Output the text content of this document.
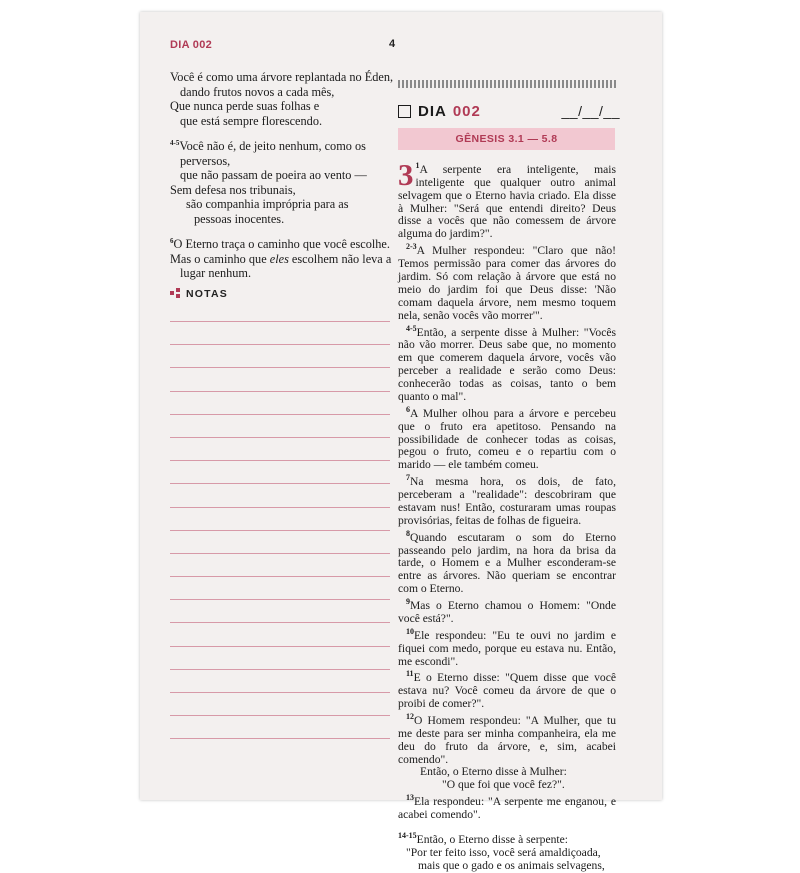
DIA 002	4
Você é como uma árvore replantada no Éden,
dando frutos novos a cada mês,
Que nunca perde suas folhas e
que está sempre florescendo.
$^{4-5}$Você não é, de jeito nenhum, como os
perversos,
que não passam de poeira ao vento —
Sem defesa nos tribunais,
são companhia imprópria para as
pessoas inocentes.
$^6$O Eterno traça o caminho que você escolhe.
Mas o caminho que eles escolhem não leva a
lugar nenhum.
NOTAS
DIA 002	__/__/__
GÊNESIS 3.1 — 5.8

3 $^1$A serpente era inteligente, mais inteligente que qualquer outro animal selvagem que o Eterno havia criado. Ela disse à Mulher: "Será que entendi direito? Deus disse a vocês que não comessem de árvore alguma do jardim?".

$^{2-3}$A Mulher respondeu: "Claro que não! Temos permissão para comer das árvores do jardim. Só com relação à árvore que está no meio do jardim foi que Deus disse: 'Não comam daquela árvore, nem mesmo toquem nela, senão vocês vão morrer'".

$^{4-5}$Então, a serpente disse à Mulher: "Vocês não vão morrer. Deus sabe que, no momento em que comerem daquela árvore, vocês vão perceber a realidade e serão como Deus: conhecerão todas as coisas, tanto o bem quanto o mal".

$^6$A Mulher olhou para a árvore e percebeu que o fruto era apetitoso. Pensando na possibilidade de conhecer todas as coisas, pegou o fruto, comeu e o repartiu com o marido — ele também comeu.

$^7$Na mesma hora, os dois, de fato, perceberam a "realidade": descobriram que estavam nus! Então, costuraram umas roupas provisórias, feitas de folhas de figueira.

$^8$Quando escutaram o som do Eterno passeando pelo jardim, na hora da brisa da tarde, o Homem e a Mulher esconderam-se entre as árvores. Não queriam se encontrar com o Eterno.

$^9$Mas o Eterno chamou o Homem: "Onde você está?".

$^{10}$Ele respondeu: "Eu te ouvi no jardim e fiquei com medo, porque eu estava nu. Então, me escondi".

$^{11}$E o Eterno disse: "Quem disse que você estava nu? Você comeu da árvore de que o proibi de comer?".

$^{12}$O Homem respondeu: "A Mulher, que tu me deste para ser minha companheira, ela me deu do fruto da árvore, e, sim, acabei comendo".

Então, o Eterno disse à Mulher:

"O que foi que você fez?".

$^{13}$Ela respondeu: "A serpente me enganou, e acabei comendo".

$^{14-15}$Então, o Eterno disse à serpente:

"Por ter feito isso, você será amaldiçoada,

mais que o gado e os animais selvagens,
